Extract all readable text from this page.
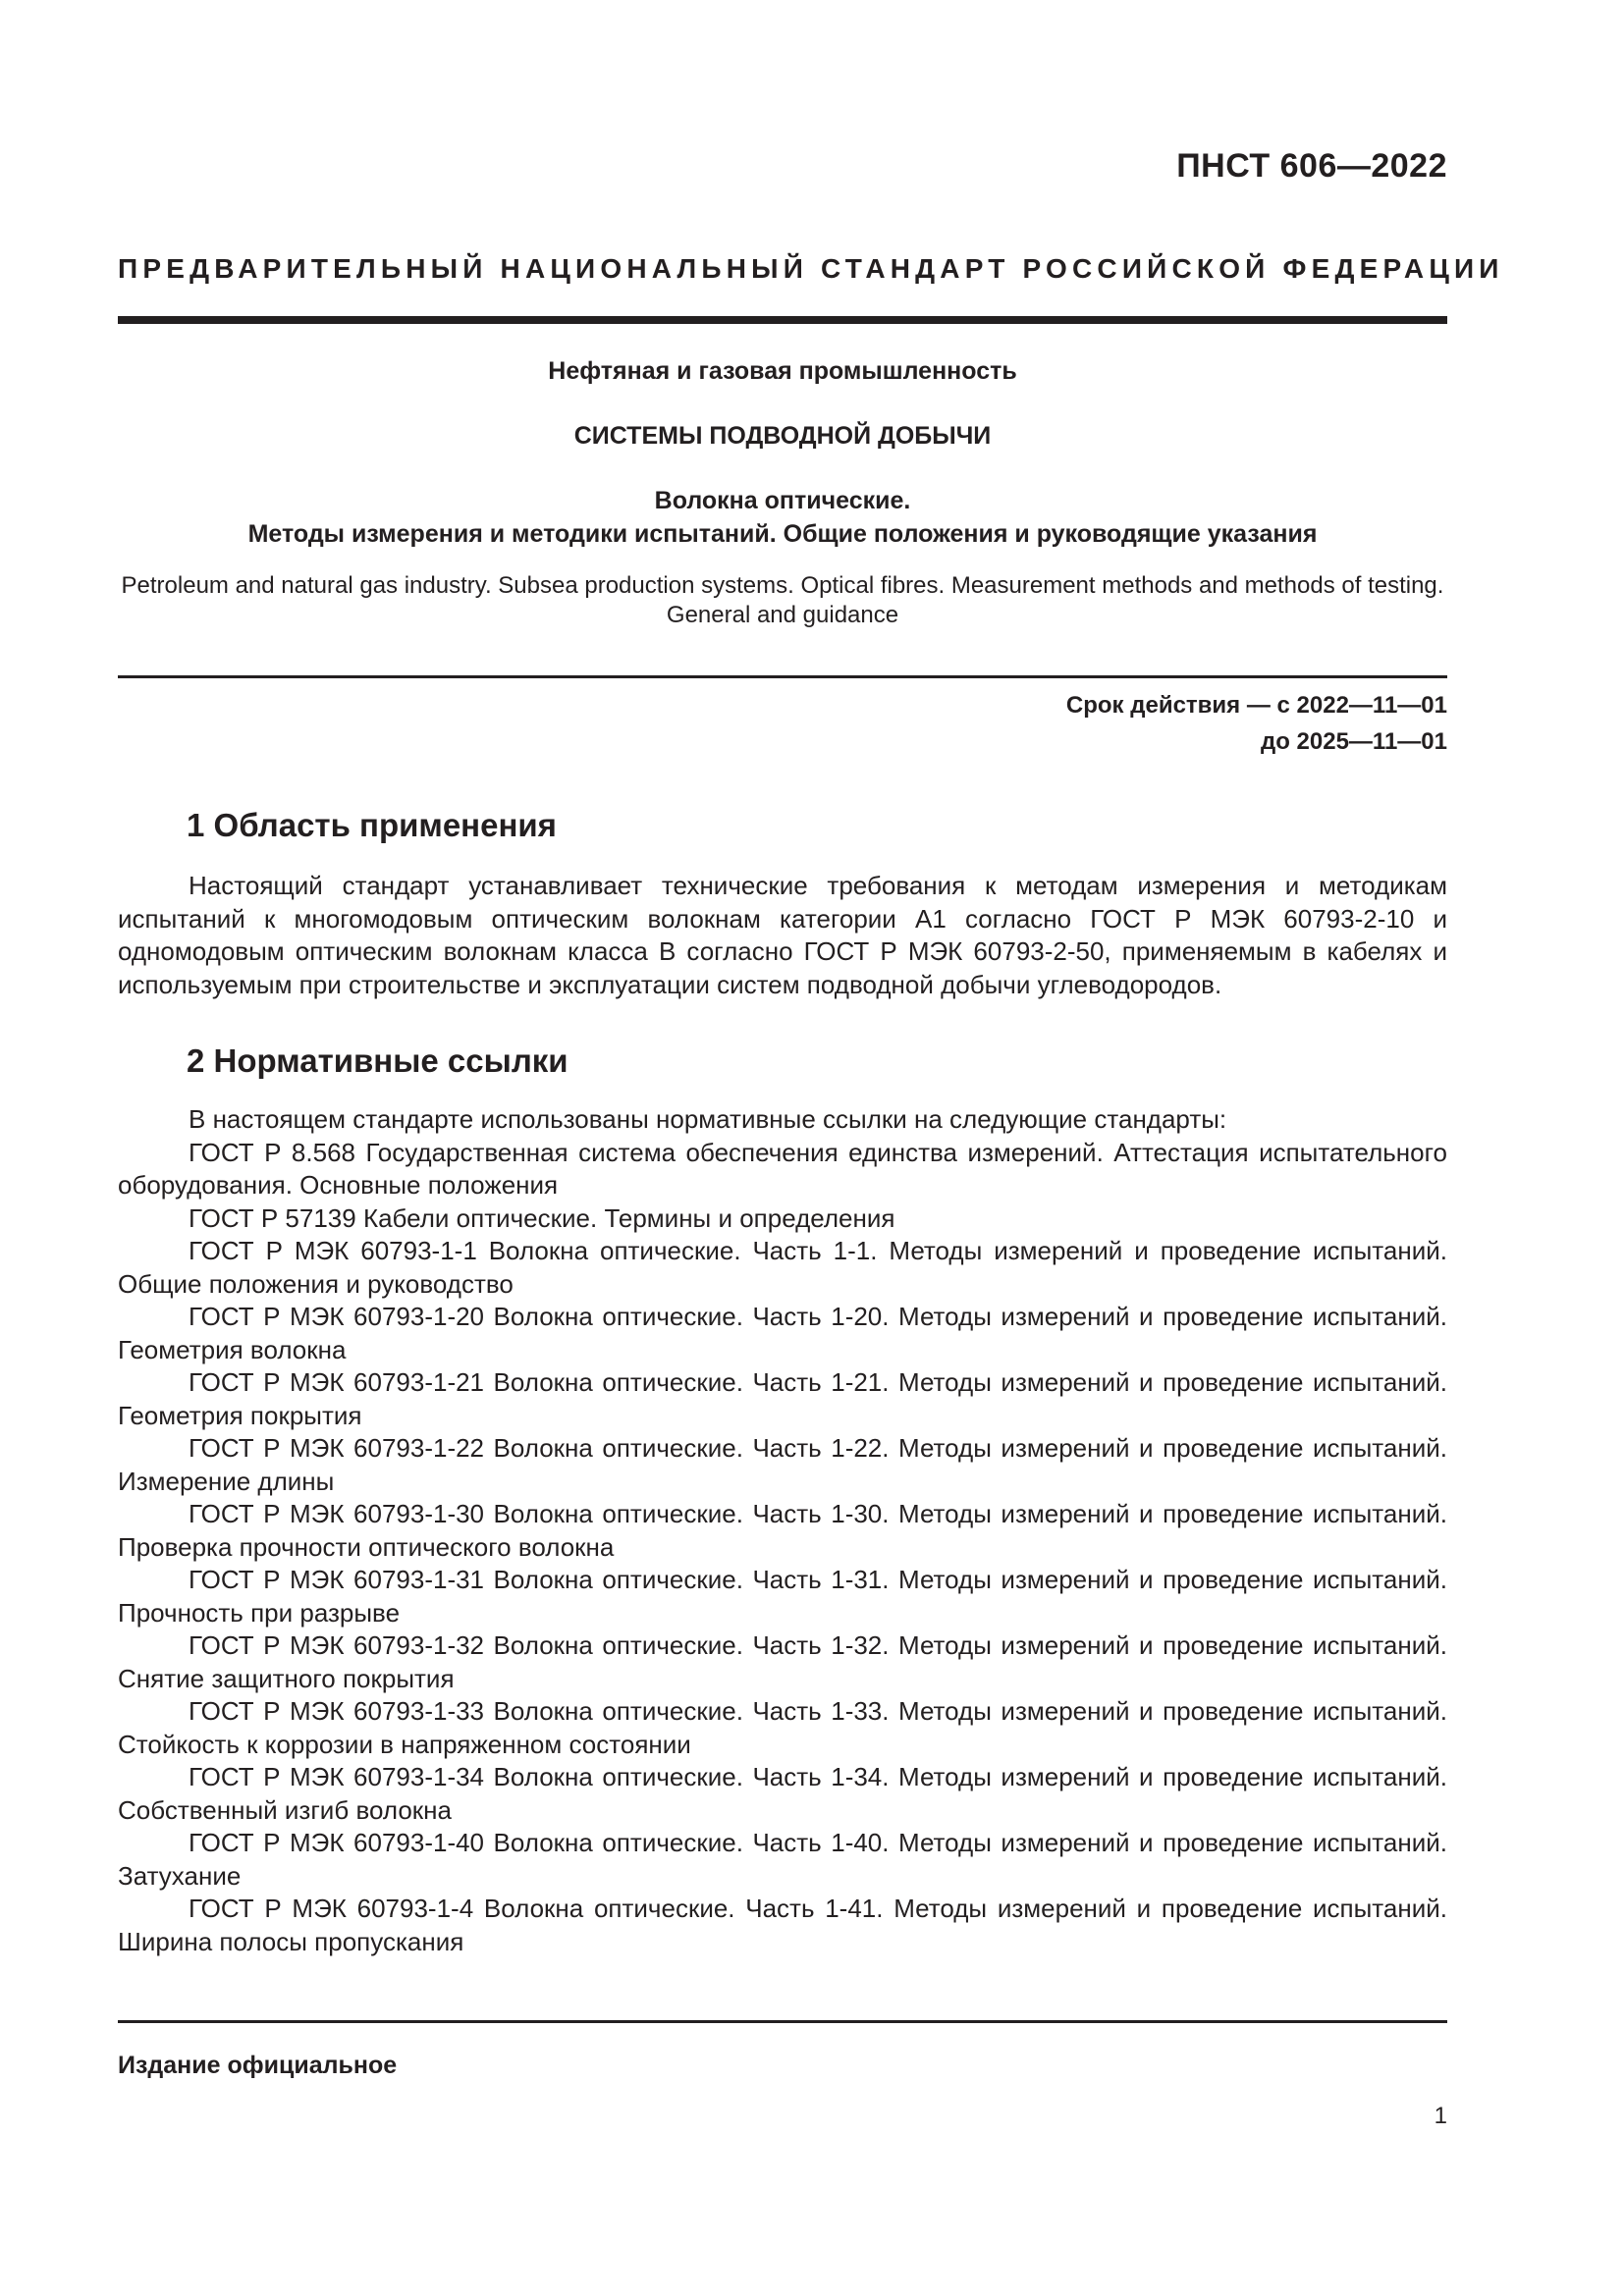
ПНСТ 606—2022
ПРЕДВАРИТЕЛЬНЫЙ НАЦИОНАЛЬНЫЙ СТАНДАРТ РОССИЙСКОЙ ФЕДЕРАЦИИ
Нефтяная и газовая промышленность
СИСТЕМЫ ПОДВОДНОЙ ДОБЫЧИ
Волокна оптические.
Методы измерения и методики испытаний. Общие положения и руководящие указания
Petroleum and natural gas industry. Subsea production systems. Optical fibres. Measurement methods and methods of testing. General and guidance
Срок действия — с 2022—11—01
до 2025—11—01
1 Область применения

Настоящий стандарт устанавливает технические требования к методам измерения и методикам испытаний к многомодовым оптическим волокнам категории А1 согласно ГОСТ Р МЭК 60793-2-10 и одномодовым оптическим волокнам класса В согласно ГОСТ Р МЭК 60793-2-50, применяемым в кабелях и используемым при строительстве и эксплуатации систем подводной добычи углеводородов.

2 Нормативные ссылки

В настоящем стандарте использованы нормативные ссылки на следующие стандарты:

ГОСТ Р 8.568 Государственная система обеспечения единства измерений. Аттестация испытательного оборудования. Основные положения

ГОСТ Р 57139 Кабели оптические. Термины и определения

ГОСТ Р МЭК 60793-1-1 Волокна оптические. Часть 1-1. Методы измерений и проведение испытаний. Общие положения и руководство

ГОСТ Р МЭК 60793-1-20 Волокна оптические. Часть 1-20. Методы измерений и проведение испытаний. Геометрия волокна

ГОСТ Р МЭК 60793-1-21 Волокна оптические. Часть 1-21. Методы измерений и проведение испытаний. Геометрия покрытия

ГОСТ Р МЭК 60793-1-22 Волокна оптические. Часть 1-22. Методы измерений и проведение испытаний. Измерение длины

ГОСТ Р МЭК 60793-1-30 Волокна оптические. Часть 1-30. Методы измерений и проведение испытаний. Проверка прочности оптического волокна

ГОСТ Р МЭК 60793-1-31 Волокна оптические. Часть 1-31. Методы измерений и проведение испытаний. Прочность при разрыве

ГОСТ Р МЭК 60793-1-32 Волокна оптические. Часть 1-32. Методы измерений и проведение испытаний. Снятие защитного покрытия

ГОСТ Р МЭК 60793-1-33 Волокна оптические. Часть 1-33. Методы измерений и проведение испытаний. Стойкость к коррозии в напряженном состоянии

ГОСТ Р МЭК 60793-1-34 Волокна оптические. Часть 1-34. Методы измерений и проведение испытаний. Собственный изгиб волокна

ГОСТ Р МЭК 60793-1-40 Волокна оптические. Часть 1-40. Методы измерений и проведение испытаний. Затухание

ГОСТ Р МЭК 60793-1-4 Волокна оптические. Часть 1-41. Методы измерений и проведение испытаний. Ширина полосы пропускания

Издание официальное
1
